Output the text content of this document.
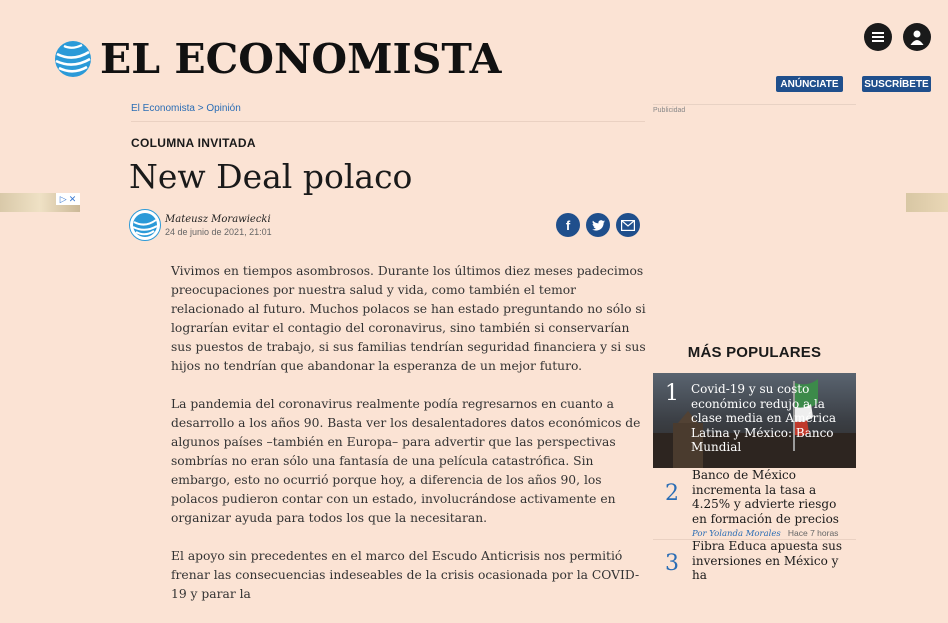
EL ECONOMISTA
ANÚNCIATE	SUSCRÍBETE
▷ ✕
El Economista > Opinión
COLUMNA INVITADA
New Deal polaco
Mateusz Morawiecki
24 de junio de 2021, 21:01	f

Vivimos en tiempos asombrosos. Durante los últimos diez meses padecimos preocupaciones por nuestra salud y vida, como también el temor relacionado al futuro. Muchos polacos se han estado preguntando no sólo si lograrían evitar el contagio del coronavirus, sino también si conservarían sus puestos de trabajo, si sus familias tendrían seguridad financiera y si sus hijos no tendrían que abandonar la esperanza de un mejor futuro.

La pandemia del coronavirus realmente podía regresarnos en cuanto a desarrollo a los años 90. Basta ver los desalentadores datos económicos de algunos países –también en Europa– para advertir que las perspectivas sombrías no eran sólo una fantasía de una película catastrófica. Sin embargo, esto no ocurrió porque hoy, a diferencia de los años 90, los polacos pudieron contar con un estado, involucrándose activamente en organizar ayuda para todos los que la necesitaran.

El apoyo sin precedentes en el marco del Escudo Anticrisis nos permitió frenar las consecuencias indeseables de la crisis ocasionada por la COVID-19 y parar la

Publicidad
MÁS POPULARES
1 Covid-19 y su costo económico redujo a la clase media en América Latina y México: Banco Mundial
2
Banco de México incrementa la tasa a 4.25% y advierte riesgo en formación de precios
Por Yolanda Morales Hace 7 horas
3
Fibra Educa apuesta sus inversiones en México y ha
